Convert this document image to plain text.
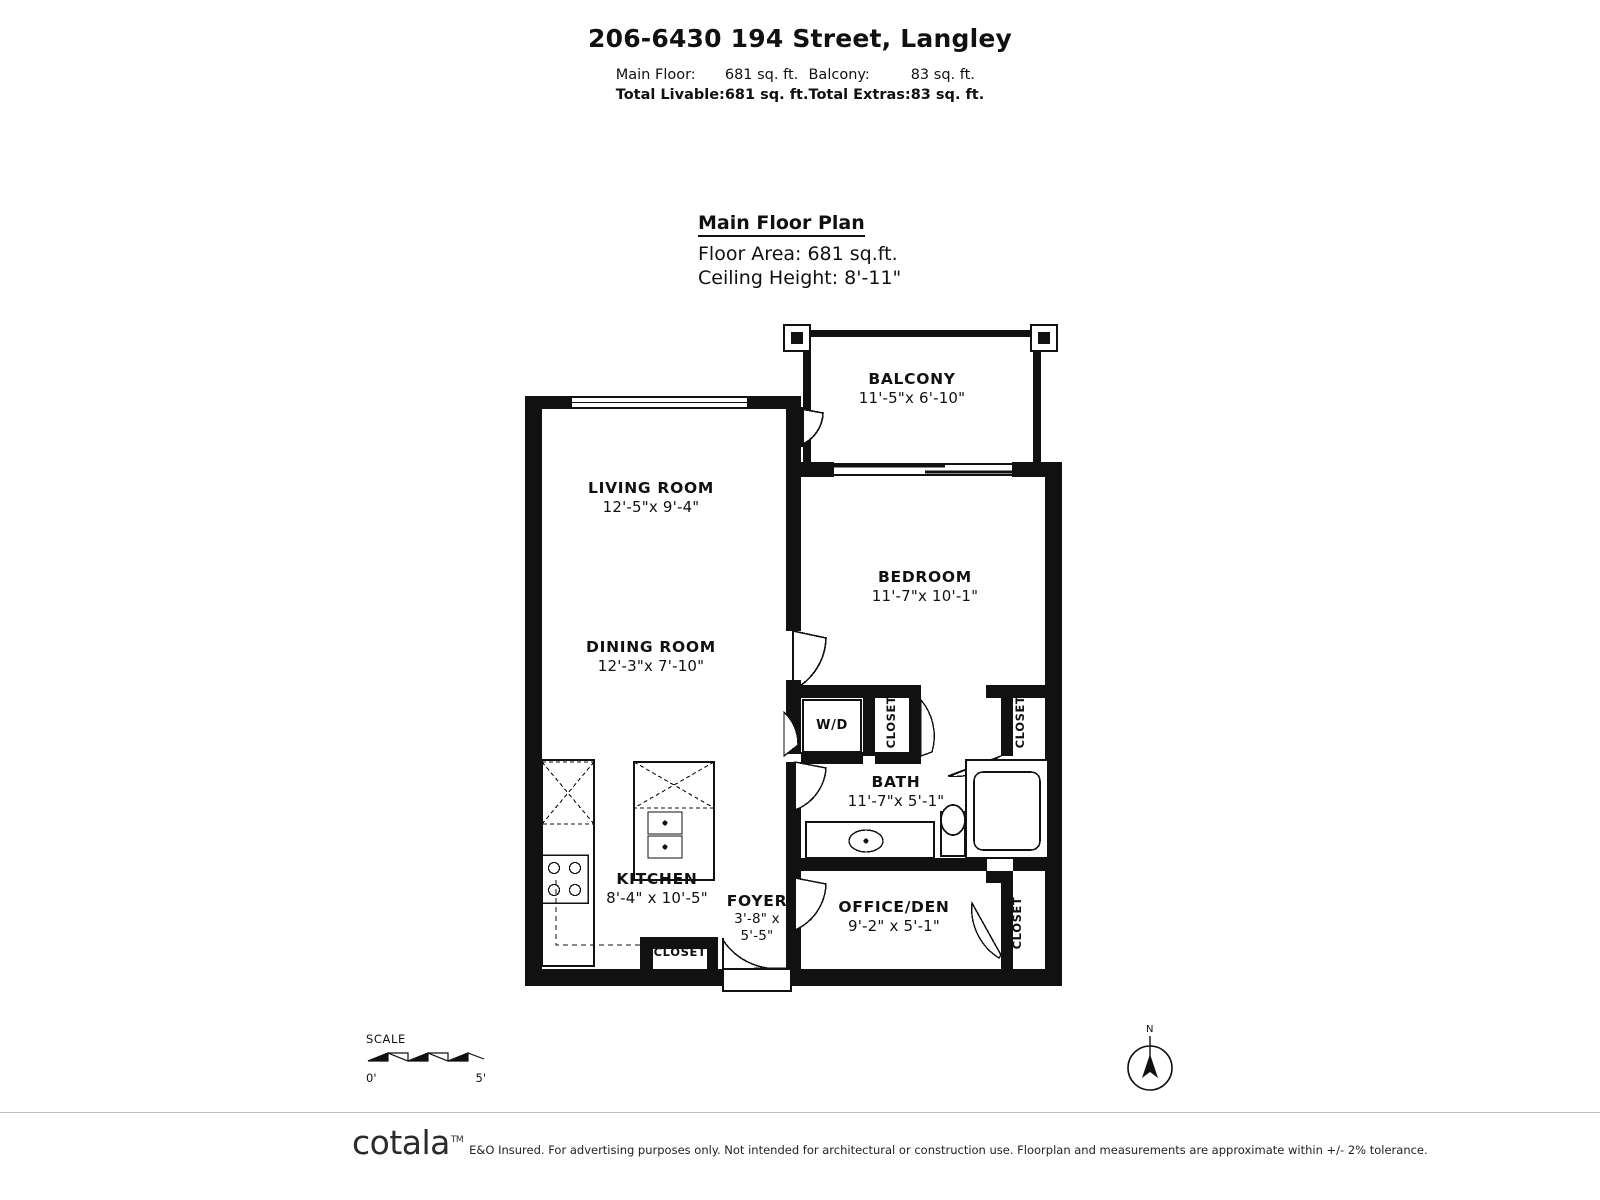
206-6430 194 Street, Langley
Main Floor:	681 sq. ft.	Balcony:	83 sq. ft.
Total Livable:	681 sq. ft.	Total Extras:	83 sq. ft.
Main Floor Plan
Floor Area: 681 sq.ft.
Ceiling Height: 8'-11"
BALCONY
11'-5"x 6'-10"
LIVING ROOM
12'-5"x 9'-4"
BEDROOM
11'-7"x 10'-1"
DINING ROOM
12'-3"x 7'-10"
BATH
11'-7"x 5'-1"
KITCHEN
8'-4" x 10'-5"	FOYER
3'-8" x
5'-5"
OFFICE/DEN
9'-2" x 5'-1"
W/D	CLOSET	CLOSET
CLOSET
CLOSET
SCALE
0'	5'
N
cotala™
E&O Insured. For advertising purposes only. Not intended for architectural or construction use. Floorplan and measurements are approximate within +/- 2% tolerance.
